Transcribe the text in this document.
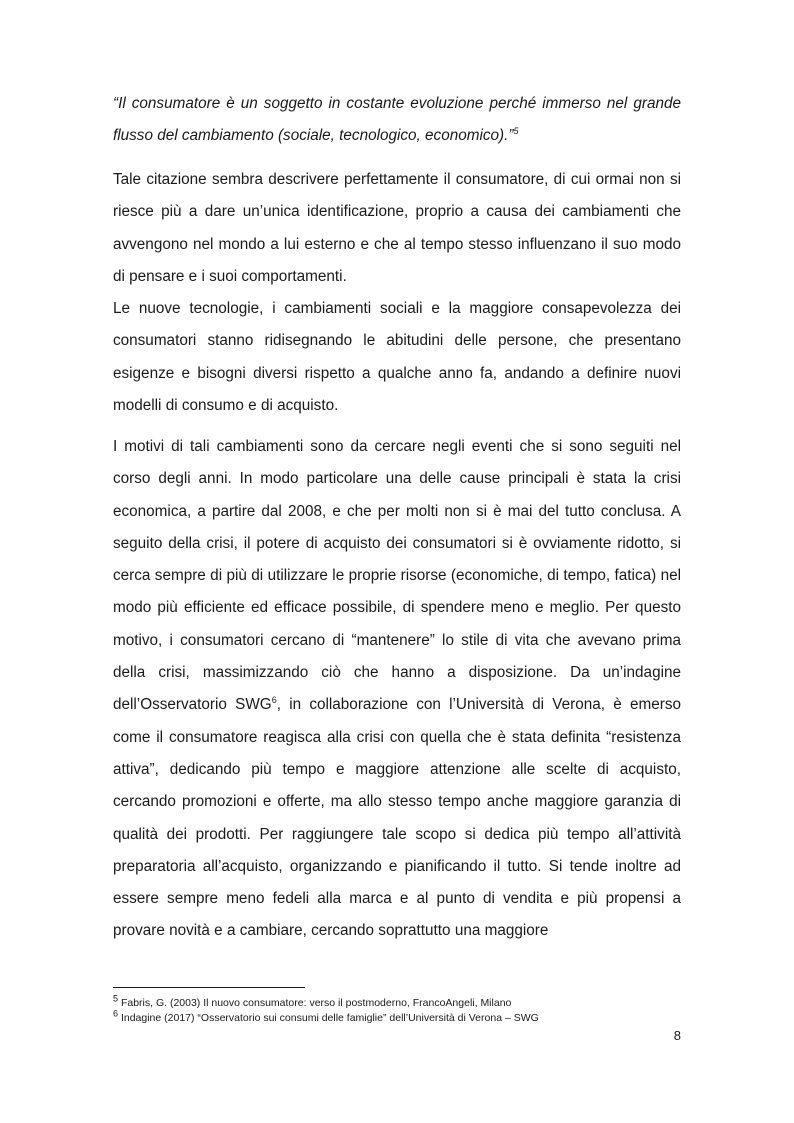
“Il consumatore è un soggetto in costante evoluzione perché immerso nel grande flusso del cambiamento (sociale, tecnologico, economico).”$^5$

Tale citazione sembra descrivere perfettamente il consumatore, di cui ormai non si riesce più a dare un’unica identificazione, proprio a causa dei cambiamenti che avvengono nel mondo a lui esterno e che al tempo stesso influenzano il suo modo di pensare e i suoi comportamenti.

Le nuove tecnologie, i cambiamenti sociali e la maggiore consapevolezza dei consumatori stanno ridisegnando le abitudini delle persone, che presentano esigenze e bisogni diversi rispetto a qualche anno fa, andando a definire nuovi modelli di consumo e di acquisto.

I motivi di tali cambiamenti sono da cercare negli eventi che si sono seguiti nel corso degli anni. In modo particolare una delle cause principali è stata la crisi economica, a partire dal 2008, e che per molti non si è mai del tutto conclusa. A seguito della crisi, il potere di acquisto dei consumatori si è ovviamente ridotto, si cerca sempre di più di utilizzare le proprie risorse (economiche, di tempo, fatica) nel modo più efficiente ed efficace possibile, di spendere meno e meglio. Per questo motivo, i consumatori cercano di “mantenere” lo stile di vita che avevano prima della crisi, massimizzando ciò che hanno a disposizione. Da un’indagine dell’Osservatorio SWG$^6$, in collaborazione con l’Università di Verona, è emerso come il consumatore reagisca alla crisi con quella che è stata definita “resistenza attiva”, dedicando più tempo e maggiore attenzione alle scelte di acquisto, cercando promozioni e offerte, ma allo stesso tempo anche maggiore garanzia di qualità dei prodotti. Per raggiungere tale scopo si dedica più tempo all’attività preparatoria all’acquisto, organizzando e pianificando il tutto. Si tende inoltre ad essere sempre meno fedeli alla marca e al punto di vendita e più propensi a provare novità e a cambiare, cercando soprattutto una maggiore

$^5$ Fabris, G. (2003) Il nuovo consumatore: verso il postmoderno, FrancoAngeli, Milano
$^6$ Indagine (2017) “Osservatorio sui consumi delle famiglie” dell’Università di Verona – SWG
8
